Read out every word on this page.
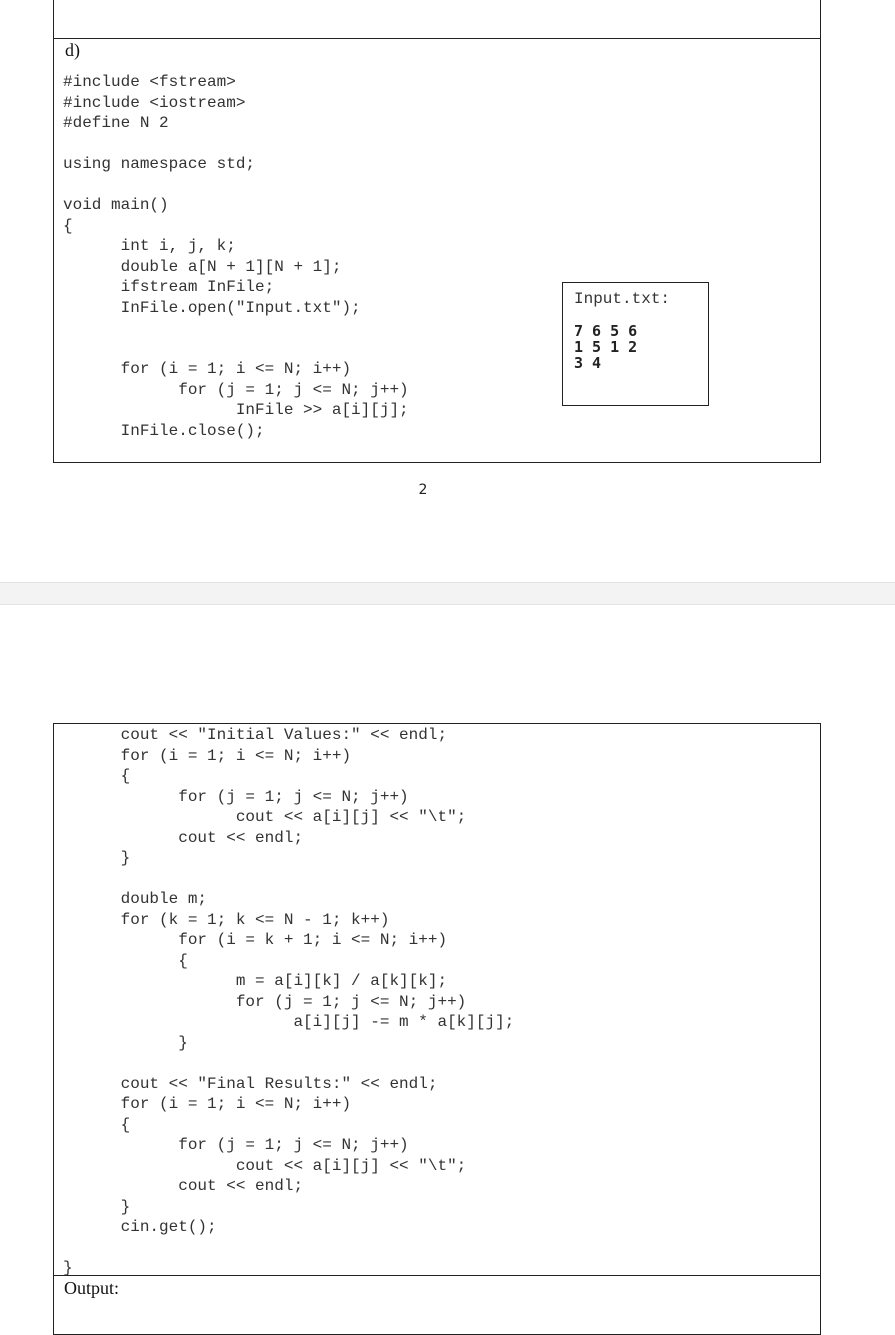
d)
#include <fstream>
#include <iostream>
#define N 2

using namespace std;

void main()
{
int i, j, k;
double a[N + 1][N + 1];
ifstream InFile;
InFile.open("Input.txt");

for (i = 1; i <= N; i++)
for (j = 1; j <= N; j++)
InFile >> a[i][j];
InFile.close();
Input.txt:
7 6 5 6
1 5 1 2
3 4
2
cout << "Initial Values:" << endl;
for (i = 1; i <= N; i++)
{
for (j = 1; j <= N; j++)
cout << a[i][j] << "\t";
cout << endl;
}

double m;
for (k = 1; k <= N - 1; k++)
for (i = k + 1; i <= N; i++)
{
m = a[i][k] / a[k][k];
for (j = 1; j <= N; j++)
a[i][j] -= m * a[k][j];
}

cout << "Final Results:" << endl;
for (i = 1; i <= N; i++)
{
for (j = 1; j <= N; j++)
cout << a[i][j] << "\t";
cout << endl;
}
cin.get();

}
Output:
